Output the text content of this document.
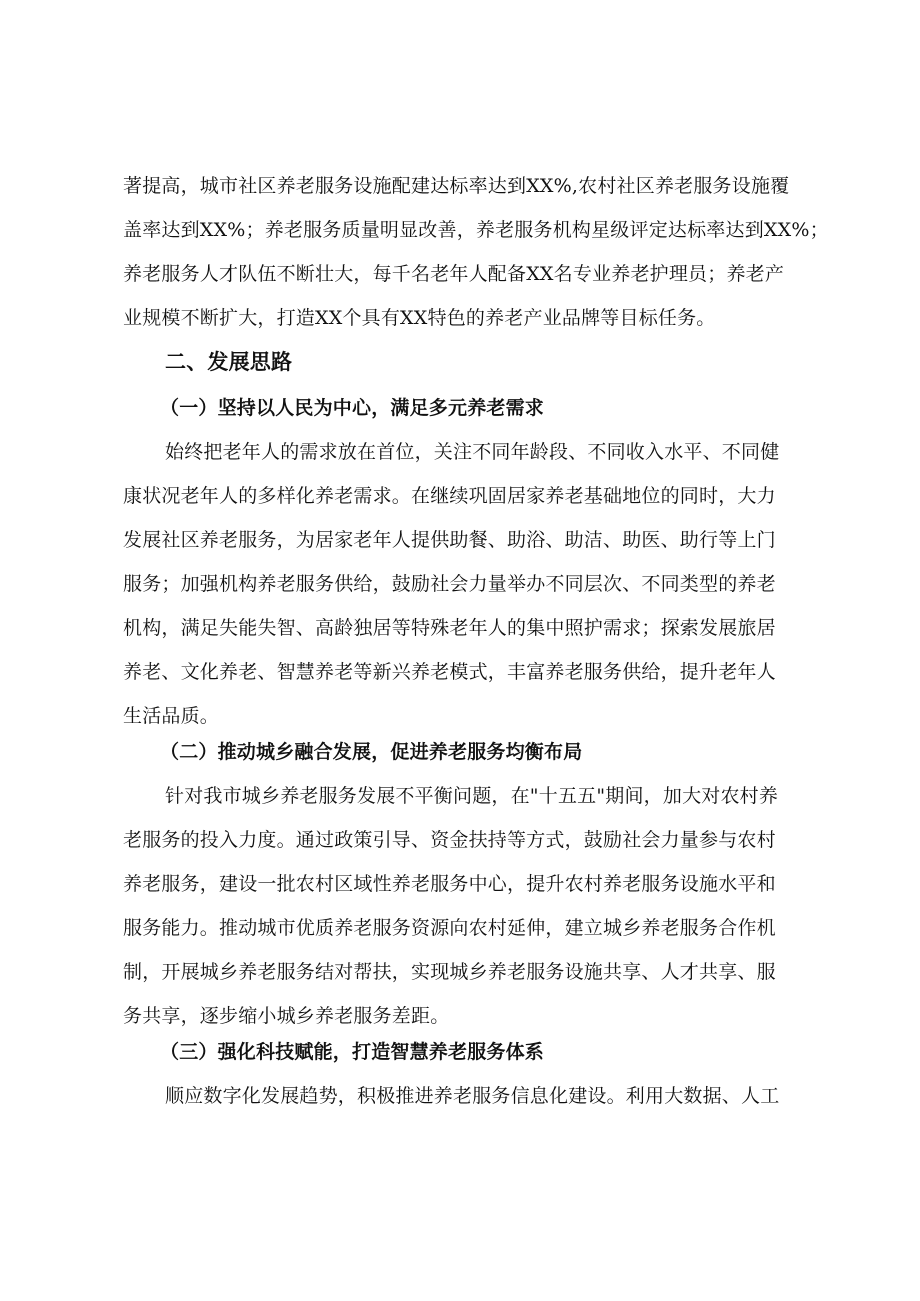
著提高，城市社区养老服务设施配建达标率达到XX%,农村社区养老服务设施覆
盖率达到XX%；养老服务质量明显改善，养老服务机构星级评定达标率达到XX%；
养老服务人才队伍不断壮大，每千名老年人配备XX名专业养老护理员；养老产
业规模不断扩大，打造XX个具有XX特色的养老产业品牌等目标任务。
二、发展思路
（一）坚持以人民为中心，满足多元养老需求
始终把老年人的需求放在首位，关注不同年龄段、不同收入水平、不同健
康状况老年人的多样化养老需求。在继续巩固居家养老基础地位的同时，大力
发展社区养老服务，为居家老年人提供助餐、助浴、助洁、助医、助行等上门
服务；加强机构养老服务供给，鼓励社会力量举办不同层次、不同类型的养老
机构，满足失能失智、高龄独居等特殊老年人的集中照护需求；探索发展旅居
养老、文化养老、智慧养老等新兴养老模式，丰富养老服务供给，提升老年人
生活品质。
（二）推动城乡融合发展，促进养老服务均衡布局
针对我市城乡养老服务发展不平衡问题，在"十五五"期间，加大对农村养
老服务的投入力度。通过政策引导、资金扶持等方式，鼓励社会力量参与农村
养老服务，建设一批农村区域性养老服务中心，提升农村养老服务设施水平和
服务能力。推动城市优质养老服务资源向农村延伸，建立城乡养老服务合作机
制，开展城乡养老服务结对帮扶，实现城乡养老服务设施共享、人才共享、服
务共享，逐步缩小城乡养老服务差距。
（三）强化科技赋能，打造智慧养老服务体系
顺应数字化发展趋势，积极推进养老服务信息化建设。利用大数据、人工
